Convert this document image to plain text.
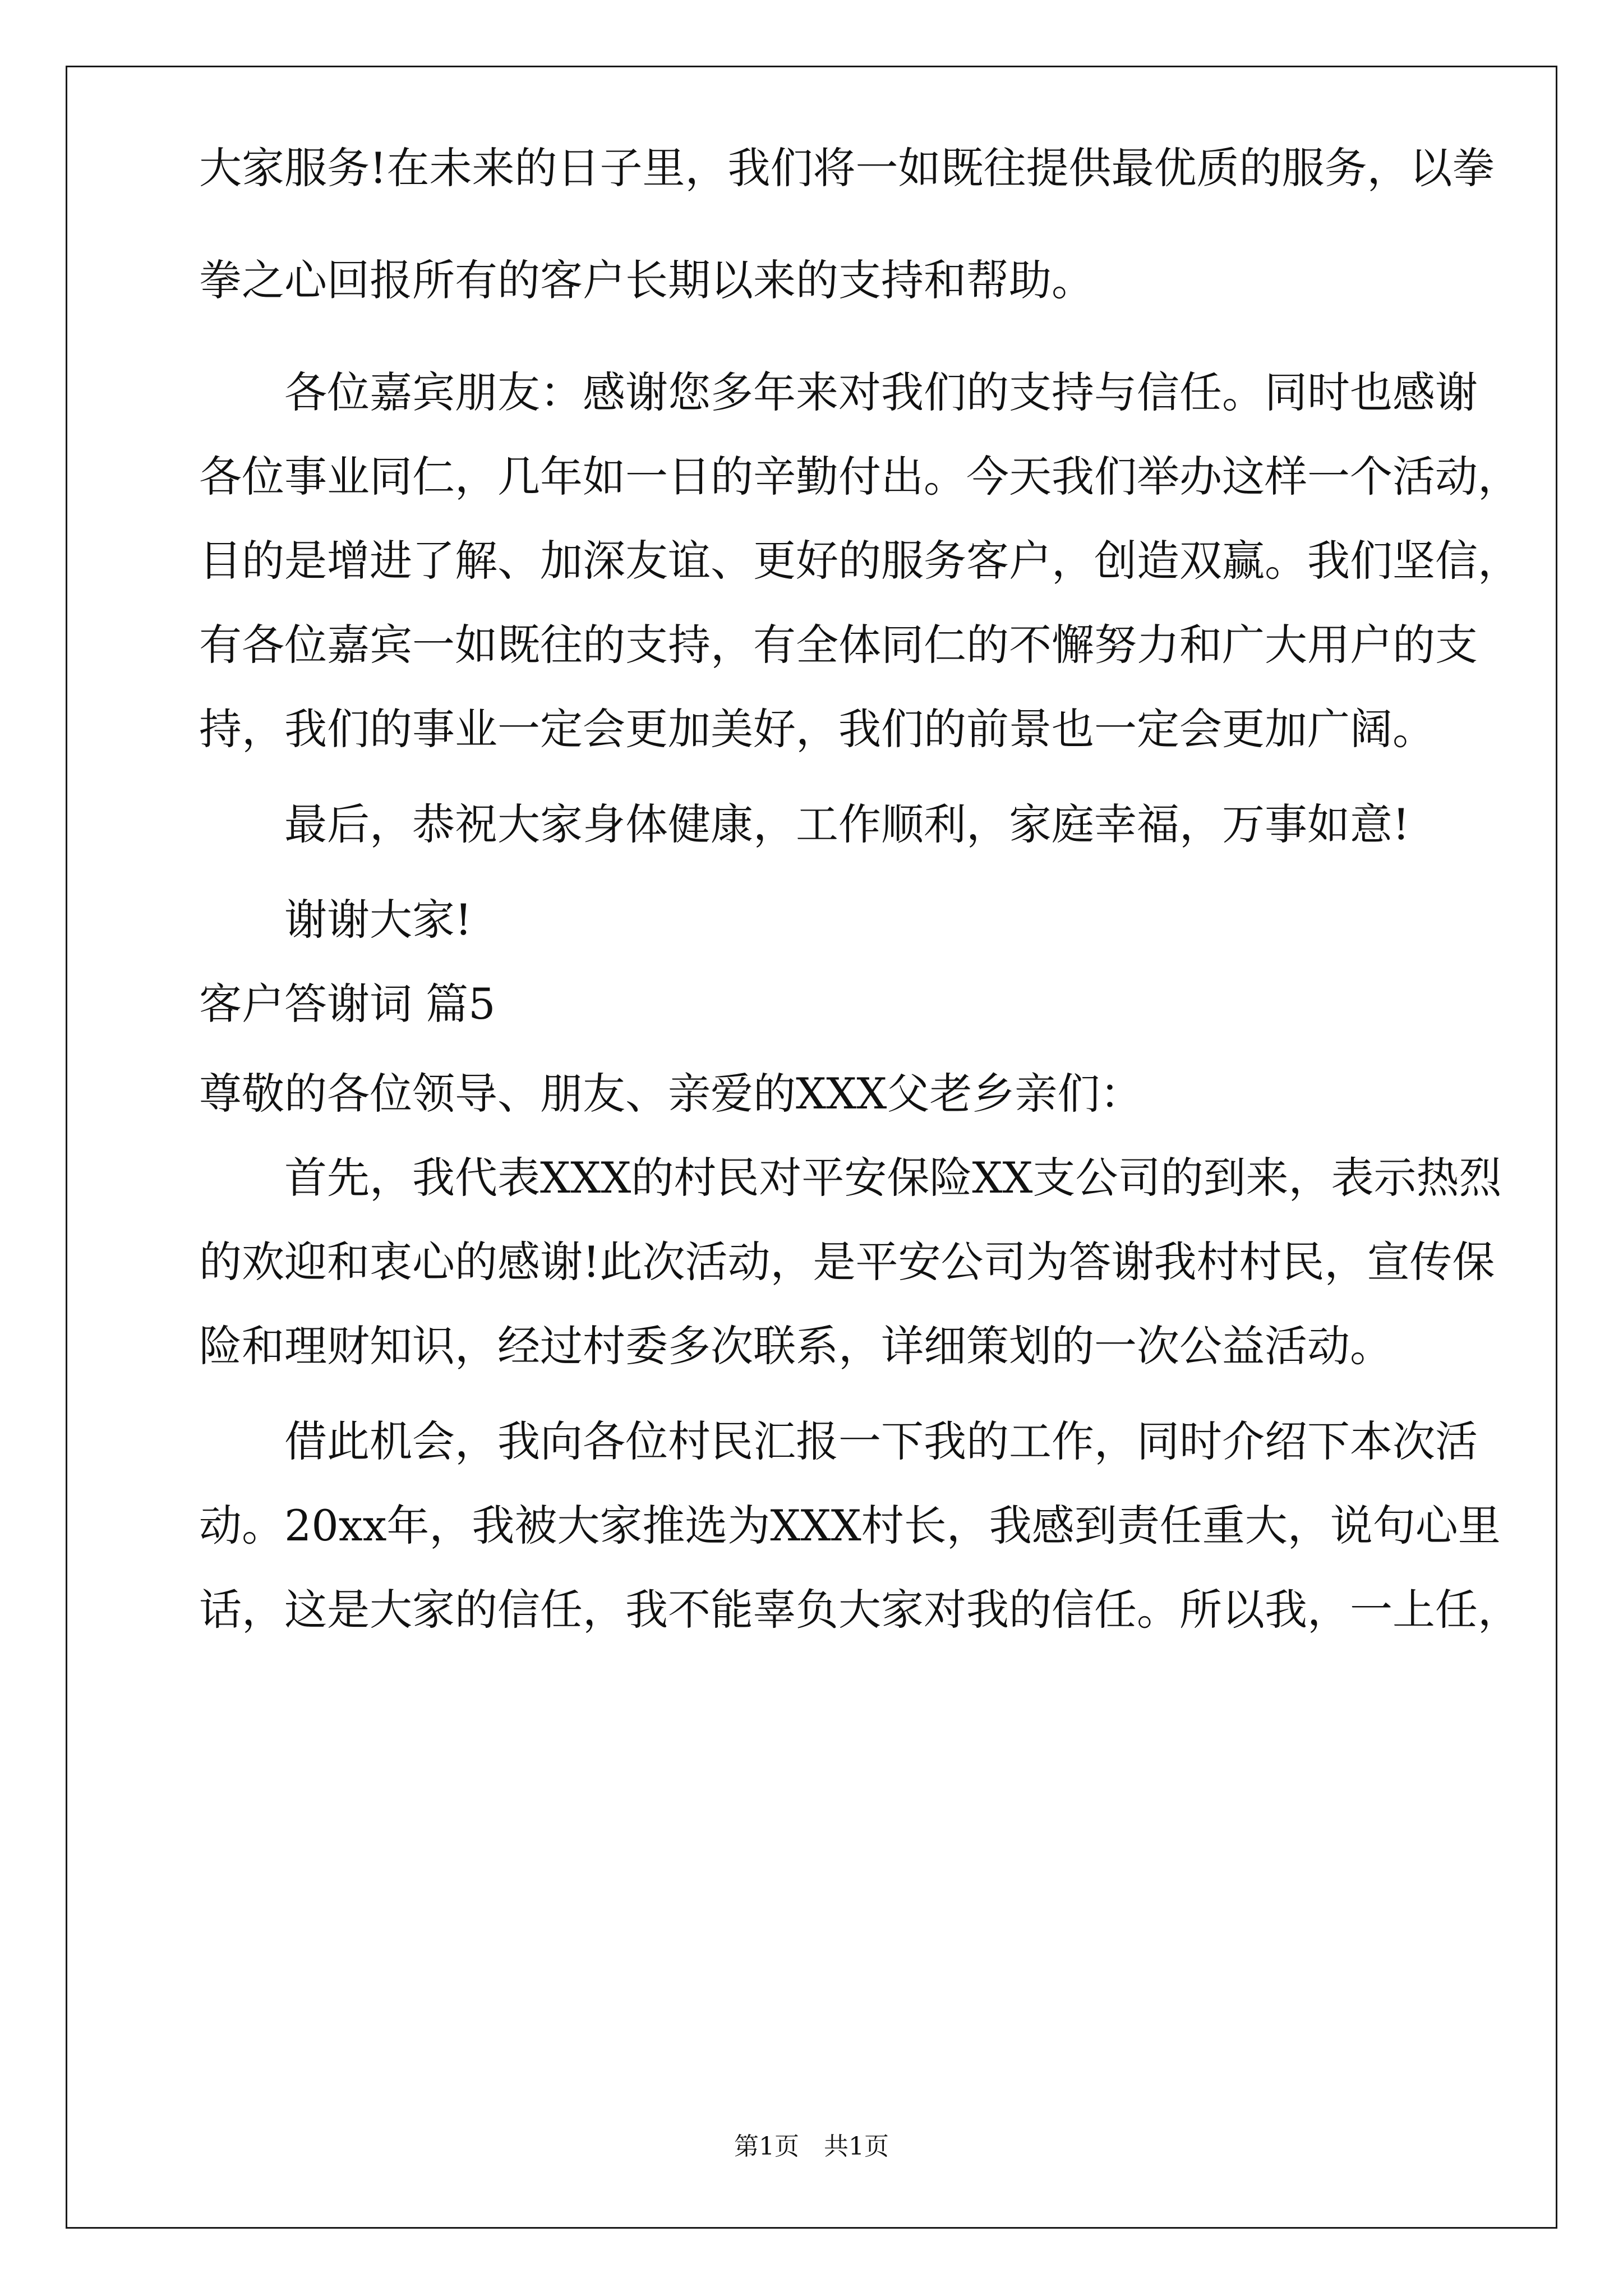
大家服务!在未来的日子里，我们将一如既往提供最优质的服务，以拳
拳之心回报所有的客户长期以来的支持和帮助。
各位嘉宾朋友：感谢您多年来对我们的支持与信任。同时也感谢
各位事业同仁，几年如一日的辛勤付出。今天我们举办这样一个活动，
目的是增进了解、加深友谊、更好的服务客户，创造双赢。我们坚信，
有各位嘉宾一如既往的支持，有全体同仁的不懈努力和广大用户的支
持，我们的事业一定会更加美好，我们的前景也一定会更加广阔。
最后，恭祝大家身体健康，工作顺利，家庭幸福，万事如意!
谢谢大家!
客户答谢词 篇5
尊敬的各位领导、朋友、亲爱的XXX父老乡亲们：
首先，我代表XXX的村民对平安保险XX支公司的到来，表示热烈
的欢迎和衷心的感谢!此次活动，是平安公司为答谢我村村民，宣传保
险和理财知识，经过村委多次联系，详细策划的一次公益活动。
借此机会，我向各位村民汇报一下我的工作，同时介绍下本次活
动。20xx年，我被大家推选为XXX村长，我感到责任重大，说句心里
话，这是大家的信任，我不能辜负大家对我的信任。所以我，一上任，
第1页　共1页
